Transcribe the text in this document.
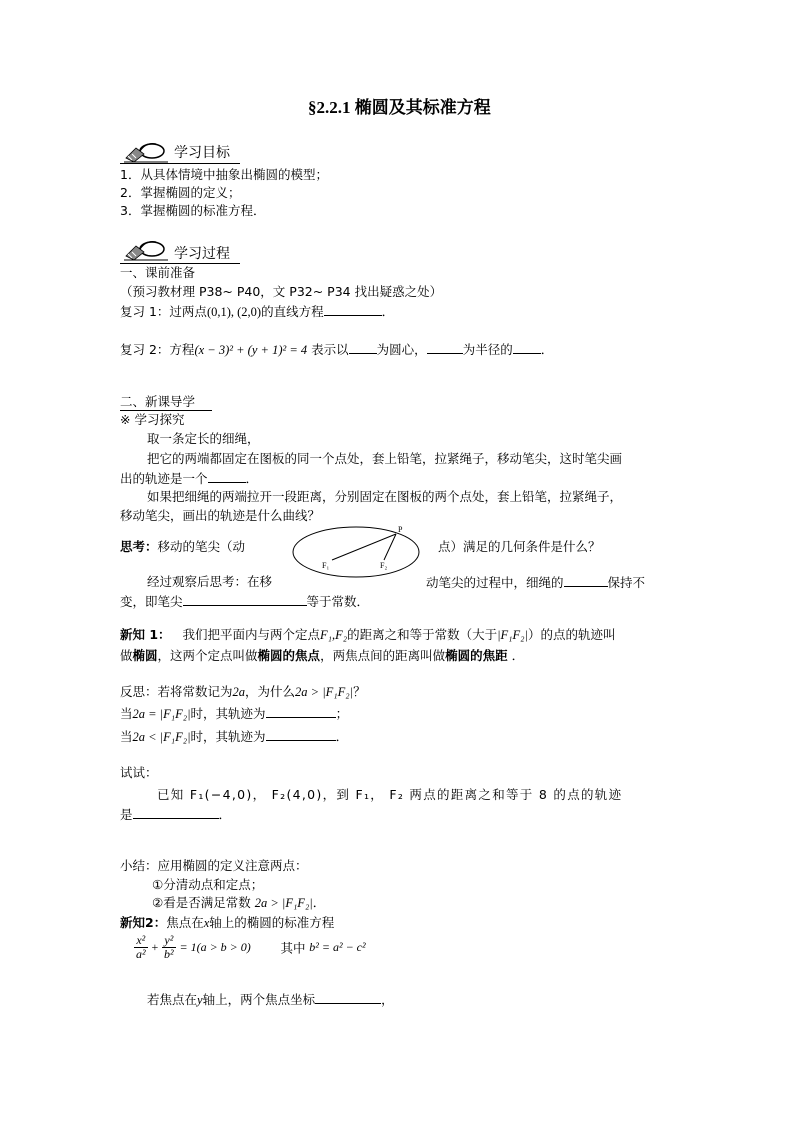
§2.2.1 椭圆及其标准方程
学习目标
1．从具体情境中抽象出椭圆的模型；
2．掌握椭圆的定义；
3．掌握椭圆的标准方程．
学习过程
一、课前准备
（预习教材理 P38~ P40，文 P32~ P34 找出疑惑之处）
复习 1：过两点(0,1), (2,0)的直线方程	．
复习 2：方程(x − 3)² + (y + 1)² = 4 表示以 为圆心，	为半径的 ．
二、新课导学
※ 学习探究
取一条定长的细绳，
把它的两端都固定在图板的同一个点处，套上铅笔，拉紧绳子，移动笔尖，这时笔尖画
出的轨迹是一个	．
如果把细绳的两端拉开一段距离，分别固定在图板的两个点处，套上铅笔，拉紧绳子，
移动笔尖，画出的轨迹是什么曲线？
思考：移动的笔尖（动	点）满足的几何条件是什么？
P
F₁	F₂
经过观察后思考：在移	动笔尖的过程中，细绳的	保持不
变，即笔尖	等于常数．
新知 1： 我们把平面内与两个定点F₁,F₂的距离之和等于常数（大于|F₁F₂|）的点的轨迹叫
做椭圆，这两个定点叫做椭圆的焦点，两焦点间的距离叫做椭圆的焦距 ．
反思：若将常数记为2a，为什么2a > |F₁F₂|？
当2a = |F₁F₂|时，其轨迹为	；
当2a < |F₁F₂|时，其轨迹为	．
试试：
已知 F₁(−4,0)， F₂(4,0)，到 F₁， F₂ 两点的距离之和等于 8 的点的轨迹
是	．
小结：应用椭圆的定义注意两点：
①分清动点和定点；
②看是否满足常数 2a > |F₁F₂|．
新知2：焦点在x轴上的椭圆的标准方程
$\frac{\text{x²}}{\text{a²}} + \frac{\text{y²}}{\text{b²}} = 1(a > b > 0)$ 其中 b² = a² − c²
若焦点在y轴上，两个焦点坐标	，
